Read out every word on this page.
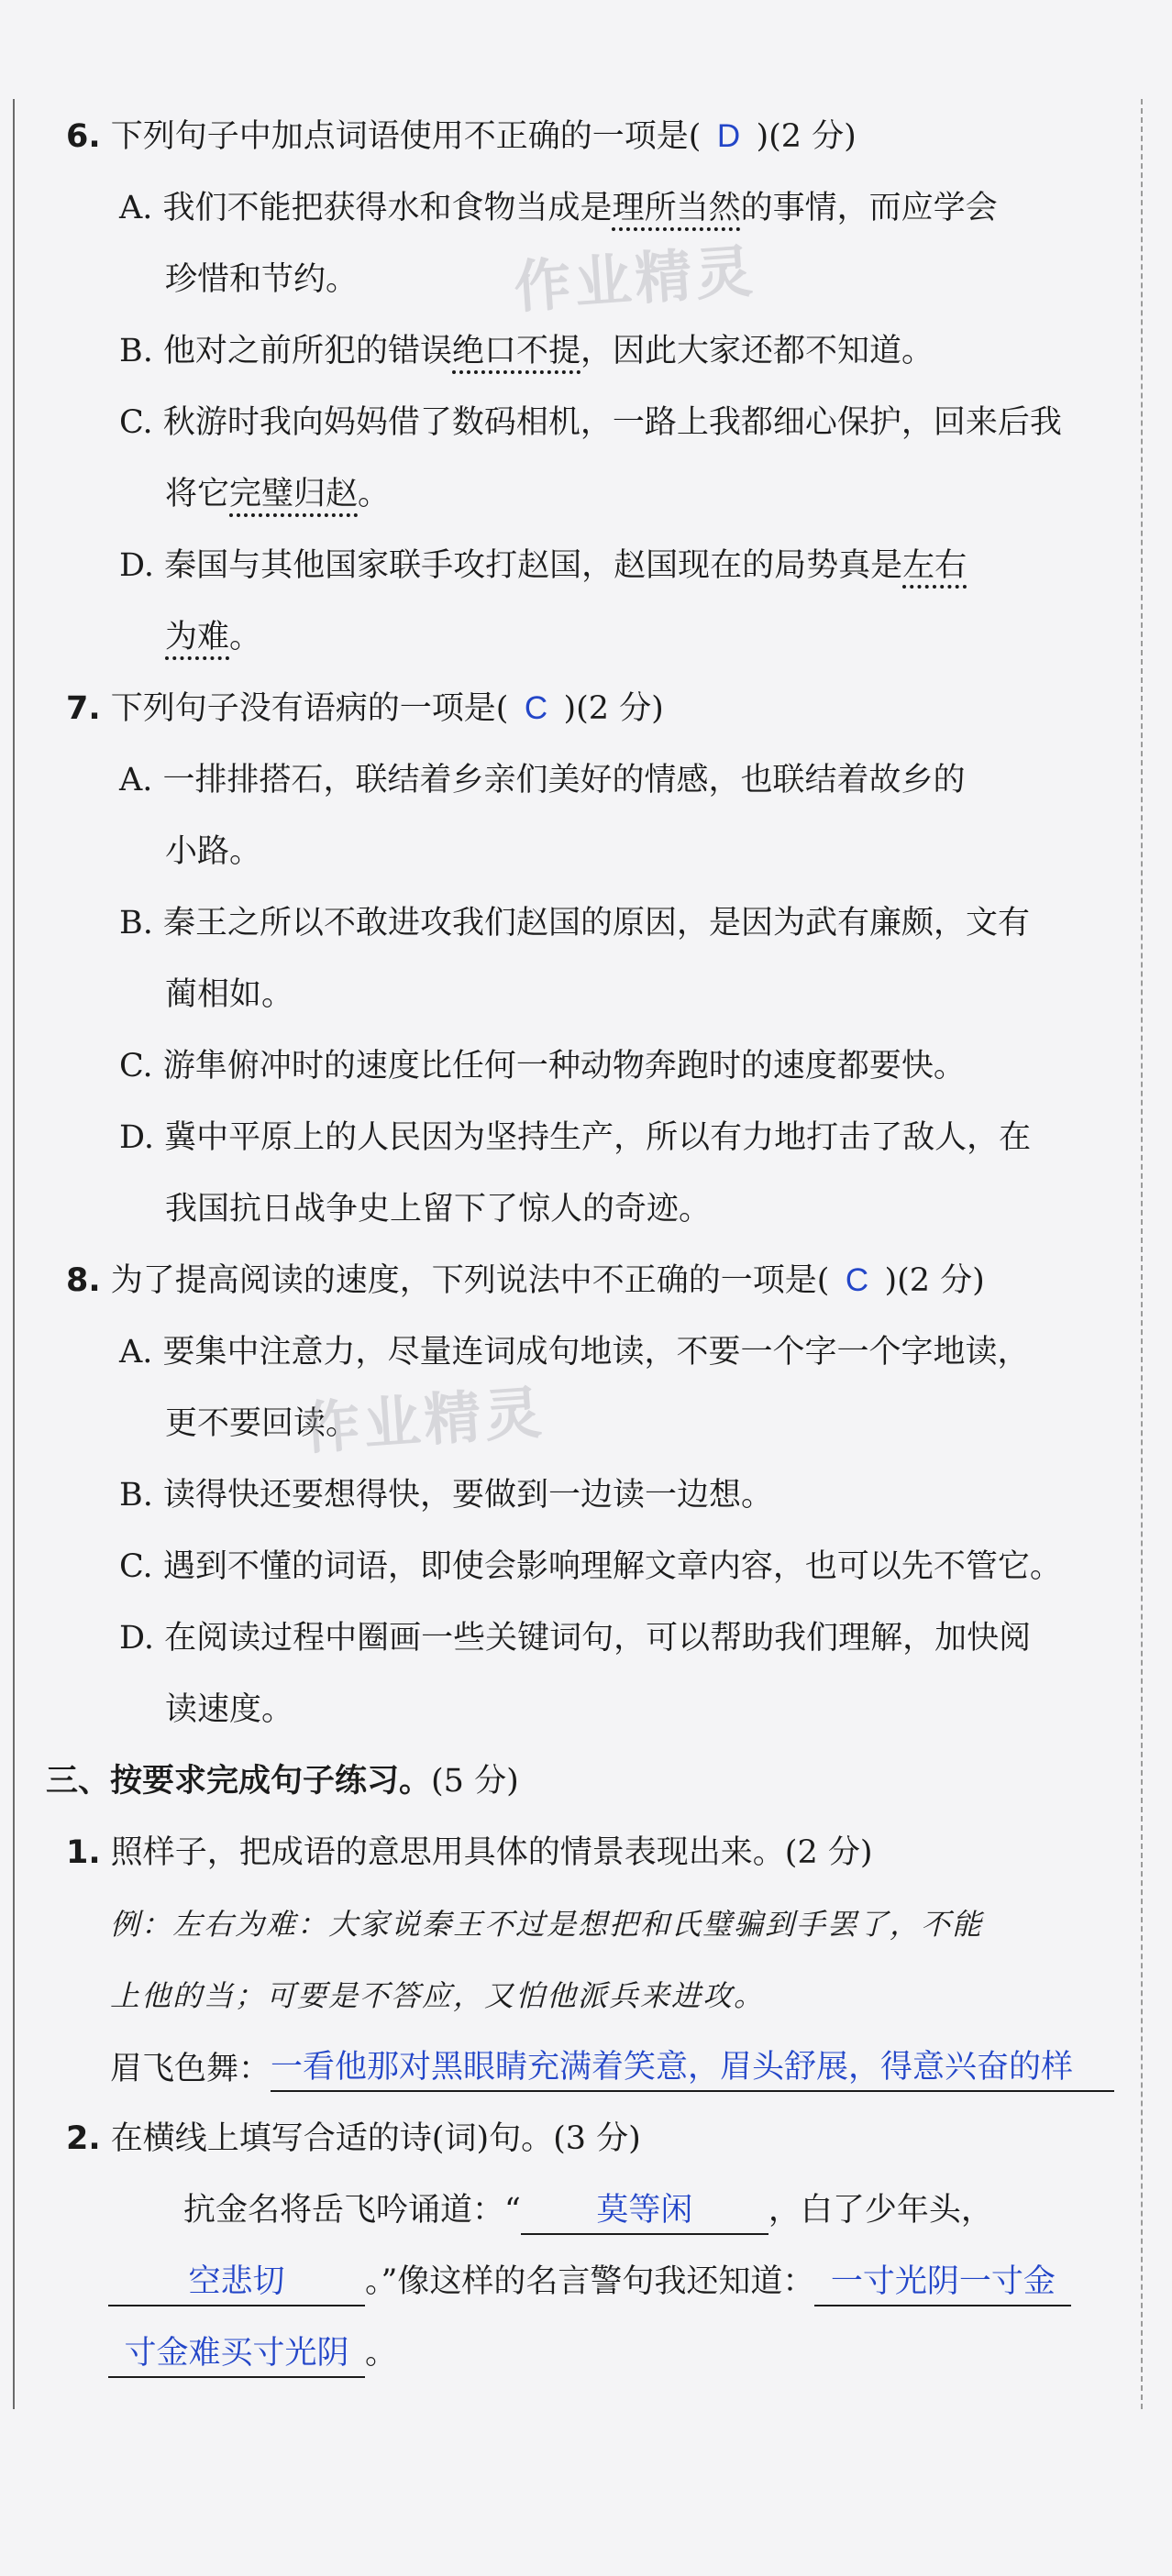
6. 下列句子中加点词语使用不正确的一项是( D )(2 分)
A. 我们不能把获得水和食物当成是理所当然的事情，而应学会
珍惜和节约。
B. 他对之前所犯的错误绝口不提，因此大家还都不知道。
C. 秋游时我向妈妈借了数码相机，一路上我都细心保护，回来后我
将它完璧归赵。
D. 秦国与其他国家联手攻打赵国，赵国现在的局势真是左右
为难。
作业精灵
7. 下列句子没有语病的一项是( C )(2 分)
A. 一排排搭石，联结着乡亲们美好的情感，也联结着故乡的
小路。
B. 秦王之所以不敢进攻我们赵国的原因，是因为武有廉颇，文有
蔺相如。
C. 游隼俯冲时的速度比任何一种动物奔跑时的速度都要快。
D. 冀中平原上的人民因为坚持生产，所以有力地打击了敌人，在
我国抗日战争史上留下了惊人的奇迹。
8. 为了提高阅读的速度，下列说法中不正确的一项是( C )(2 分)
A. 要集中注意力，尽量连词成句地读，不要一个字一个字地读，
更不要回读。
作业精灵
B. 读得快还要想得快，要做到一边读一边想。
C. 遇到不懂的词语，即使会影响理解文章内容，也可以先不管它。
D. 在阅读过程中圈画一些关键词句，可以帮助我们理解，加快阅
读速度。
三、按要求完成句子练习。(5 分)
1. 照样子，把成语的意思用具体的情景表现出来。(2 分)
例：左右为难：大家说秦王不过是想把和氏璧骗到手罢了，不能
上他的当；可要是不答应，又怕他派兵来进攻。
眉飞色舞：一看他那对黑眼睛充满着笑意，眉头舒展，得意兴奋的样
2. 在横线上填写合适的诗(词)句。(3 分)
抗金名将岳飞吟诵道：“ 莫等闲 ，白了少年头，
空悲切	。”像这样的名言警句我还知道： 一寸光阴一寸金
寸金难买寸光阴 。
